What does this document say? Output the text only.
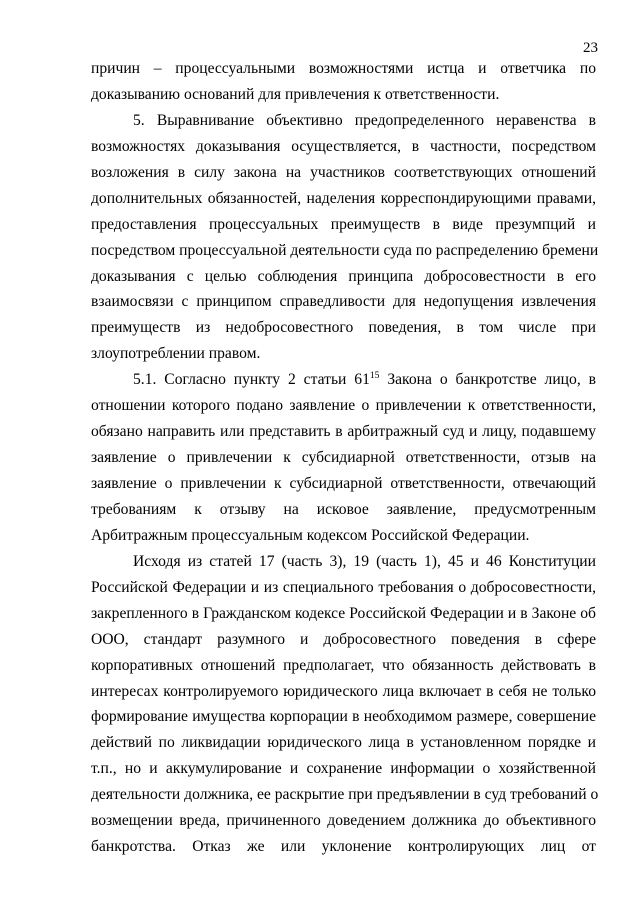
23
причин – процессуальными возможностями истца и ответчика по
доказыванию оснований для привлечения к ответственности.
5. Выравнивание объективно предопределенного неравенства в
возможностях доказывания осуществляется, в частности, посредством
возложения в силу закона на участников соответствующих отношений
дополнительных обязанностей, наделения корреспондирующими правами,
предоставления процессуальных преимуществ в виде презумпций и
посредством процессуальной деятельности суда по распределению бремени
доказывания с целью соблюдения принципа добросовестности в его
взаимосвязи с принципом справедливости для недопущения извлечения
преимуществ из недобросовестного поведения, в том числе при
злоупотреблении правом.
5.1. Согласно пункту 2 статьи $61^{15}$ Закона о банкротстве лицо, в
отношении которого подано заявление о привлечении к ответственности,
обязано направить или представить в арбитражный суд и лицу, подавшему
заявление о привлечении к субсидиарной ответственности, отзыв на
заявление о привлечении к субсидиарной ответственности, отвечающий
требованиям к отзыву на исковое заявление, предусмотренным
Арбитражным процессуальным кодексом Российской Федерации.
Исходя из статей 17 (часть 3), 19 (часть 1), 45 и 46 Конституции
Российской Федерации и из специального требования о добросовестности,
закрепленного в Гражданском кодексе Российской Федерации и в Законе об
ООО, стандарт разумного и добросовестного поведения в сфере
корпоративных отношений предполагает, что обязанность действовать в
интересах контролируемого юридического лица включает в себя не только
формирование имущества корпорации в необходимом размере, совершение
действий по ликвидации юридического лица в установленном порядке и
т.п., но и аккумулирование и сохранение информации о хозяйственной
деятельности должника, ее раскрытие при предъявлении в суд требований о
возмещении вреда, причиненного доведением должника до объективного
банкротства. Отказ же или уклонение контролирующих лиц от
